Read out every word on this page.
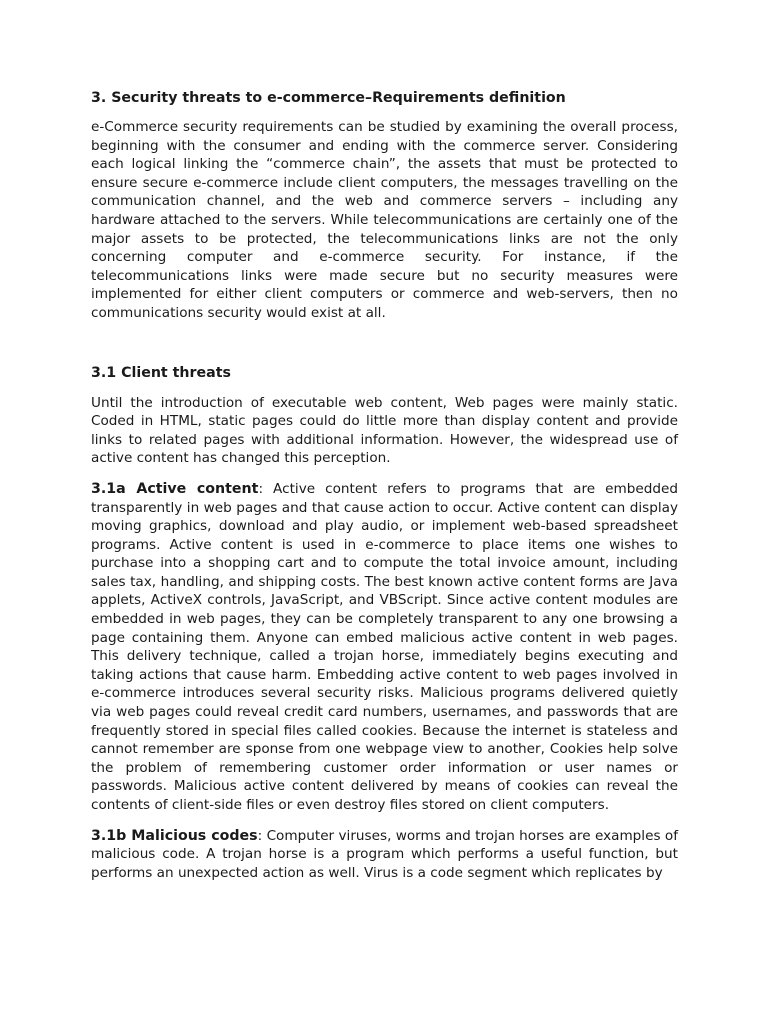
3. Security threats to e-commerce–Requirements definition

e-Commerce security requirements can be studied by examining the overall process, beginning with the consumer and ending with the commerce server. Considering each logical linking the “commerce chain”, the assets that must be protected to ensure secure e-commerce include client computers, the messages travelling on the communication channel, and the web and commerce servers – including any hardware attached to the servers. While telecommunications are certainly one of the major assets to be protected, the telecommunications links are not the only concerning computer and e-commerce security. For instance, if the telecommunications links were made secure but no security measures were implemented for either client computers or commerce and web-servers, then no communications security would exist at all.

3.1 Client threats

Until the introduction of executable web content, Web pages were mainly static. Coded in HTML, static pages could do little more than display content and provide links to related pages with additional information. However, the widespread use of active content has changed this perception.

3.1a Active content: Active content refers to programs that are embedded transparently in web pages and that cause action to occur. Active content can display moving graphics, download and play audio, or implement web-based spreadsheet programs. Active content is used in e-commerce to place items one wishes to purchase into a shopping cart and to compute the total invoice amount, including sales tax, handling, and shipping costs. The best known active content forms are Java applets, ActiveX controls, JavaScript, and VBScript. Since active content modules are embedded in web pages, they can be completely transparent to any one browsing a page containing them. Anyone can embed malicious active content in web pages. This delivery technique, called a trojan horse, immediately begins executing and taking actions that cause harm. Embedding active content to web pages involved in e-commerce introduces several security risks. Malicious programs delivered quietly via web pages could reveal credit card numbers, usernames, and passwords that are frequently stored in special files called cookies. Because the internet is stateless and cannot remember are sponse from one webpage view to another, Cookies help solve the problem of remembering customer order information or user names or passwords. Malicious active content delivered by means of cookies can reveal the contents of client-side files or even destroy files stored on client computers.

3.1b Malicious codes: Computer viruses, worms and trojan horses are examples of malicious code. A trojan horse is a program which performs a useful function, but performs an unexpected action as well. Virus is a code segment which replicates by
